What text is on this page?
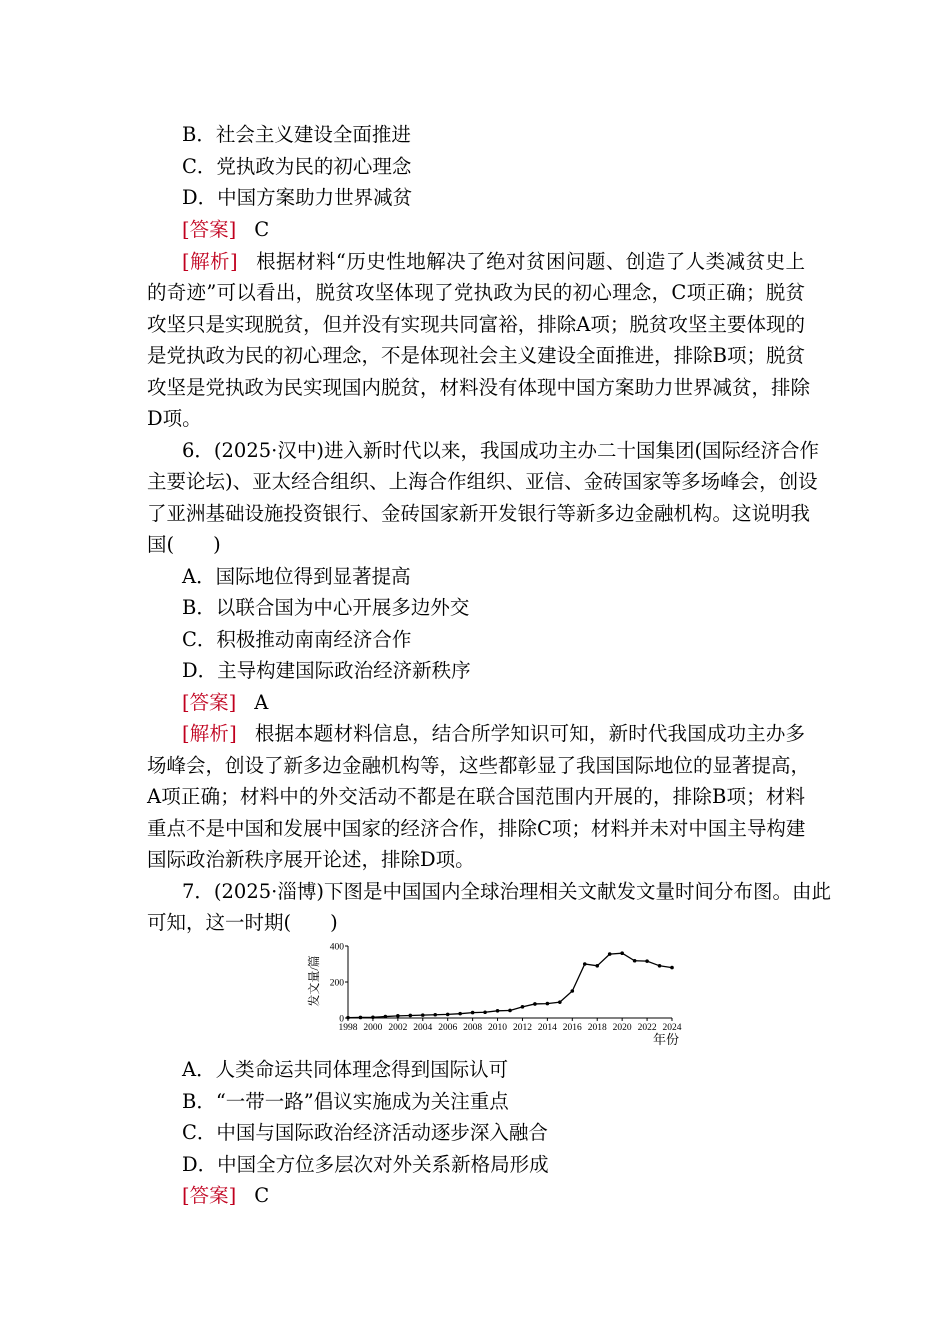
B．社会主义建设全面推进
C．党执政为民的初心理念
D．中国方案助力世界减贫
[答案] C
[解析] 根据材料“历史性地解决了绝对贫困问题、创造了人类减贫史上
的奇迹”可以看出，脱贫攻坚体现了党执政为民的初心理念，C项正确；脱贫
攻坚只是实现脱贫，但并没有实现共同富裕，排除A项；脱贫攻坚主要体现的
是党执政为民的初心理念，不是体现社会主义建设全面推进，排除B项；脱贫
攻坚是党执政为民实现国内脱贫，材料没有体现中国方案助力世界减贫，排除
D项。
6．(2025·汉中)进入新时代以来，我国成功主办二十国集团(国际经济合作
主要论坛)、亚太经合组织、上海合作组织、亚信、金砖国家等多场峰会，创设
了亚洲基础设施投资银行、金砖国家新开发银行等新多边金融机构。这说明我
国(　　)
A．国际地位得到显著提高
B．以联合国为中心开展多边外交
C．积极推动南南经济合作
D．主导构建国际政治经济新秩序
[答案] A
[解析] 根据本题材料信息，结合所学知识可知，新时代我国成功主办多
场峰会，创设了新多边金融机构等，这些都彰显了我国国际地位的显著提高，
A项正确；材料中的外交活动不都是在联合国范围内开展的，排除B项；材料
重点不是中国和发展中国家的经济合作，排除C项；材料并未对中国主导构建
国际政治新秩序展开论述，排除D项。
7．(2025·淄博)下图是中国国内全球治理相关文献发文量时间分布图。由此
可知，这一时期(　　)
0
200
400
1998 2000 2002 2004 2006 2008 2010 2012 2014 2016 2018 2020 2022 2024
发文量/篇
年份
A．人类命运共同体理念得到国际认可
B．“一带一路”倡议实施成为关注重点
C．中国与国际政治经济活动逐步深入融合
D．中国全方位多层次对外关系新格局形成
[答案] C
